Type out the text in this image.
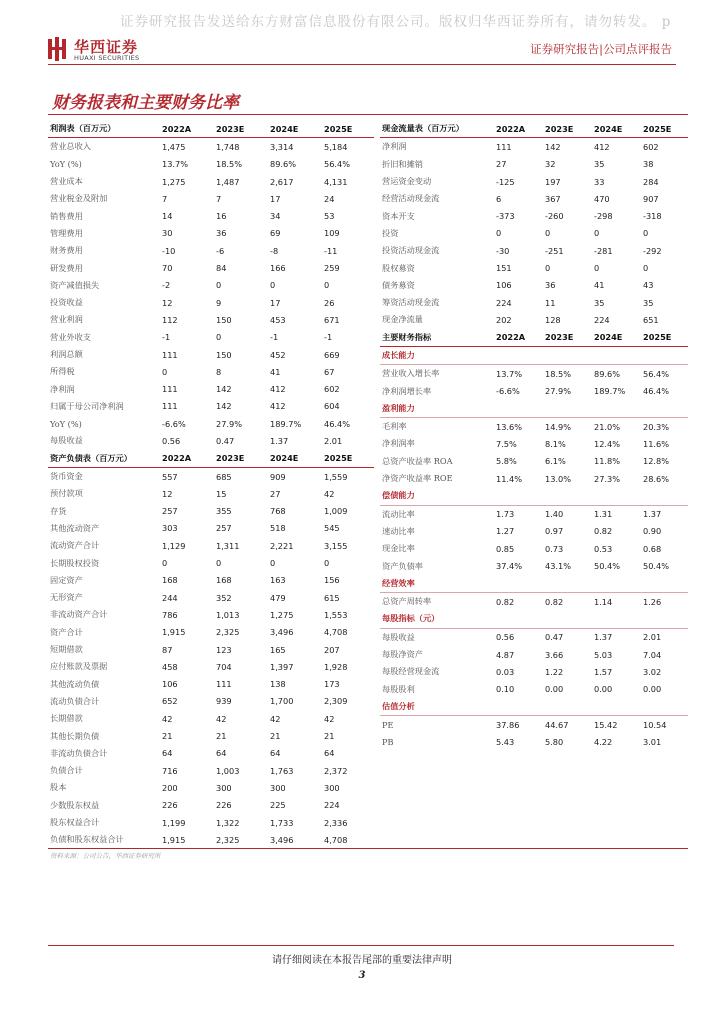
证券研究报告发送给东方财富信息股份有限公司。版权归华西证券所有，请勿转发。 p
华西证券
HUAXI SECURITIES
证券研究报告|公司点评报告
财务报表和主要财务比率
利润表（百万元）	2022A	2023E	2024E	2025E
营业总收入	1,475	1,748	3,314	5,184
YoY (%)	13.7%	18.5%	89.6%	56.4%
营业成本	1,275	1,487	2,617	4,131
营业税金及附加	7	7	17	24
销售费用	14	16	34	53
管理费用	30	36	69	109
财务费用	-10	-6	-8	-11
研发费用	70	84	166	259
资产减值损失	-2	0	0	0
投资收益	12	9	17	26
营业利润	112	150	453	671
营业外收支	-1	0	-1	-1
利润总额	111	150	452	669
所得税	0	8	41	67
净利润	111	142	412	602
归属于母公司净利润	111	142	412	604
YoY (%)	-6.6%	27.9%	189.7%	46.4%
每股收益	0.56	0.47	1.37	2.01
资产负债表（百万元）	2022A	2023E	2024E	2025E
货币资金	557	685	909	1,559
预付款项	12	15	27	42
存货	257	355	768	1,009
其他流动资产	303	257	518	545
流动资产合计	1,129	1,311	2,221	3,155
长期股权投资	0	0	0	0
固定资产	168	168	163	156
无形资产	244	352	479	615
非流动资产合计	786	1,013	1,275	1,553
资产合计	1,915	2,325	3,496	4,708
短期借款	87	123	165	207
应付账款及票据	458	704	1,397	1,928
其他流动负债	106	111	138	173
流动负债合计	652	939	1,700	2,309
长期借款	42	42	42	42
其他长期负债	21	21	21	21
非流动负债合计	64	64	64	64
负债合计	716	1,003	1,763	2,372
股本	200	300	300	300
少数股东权益	226	226	225	224
股东权益合计	1,199	1,322	1,733	2,336
负债和股东权益合计	1,915	2,325	3,496	4,708
现金流量表（百万元）	2022A	2023E	2024E	2025E
净利润	111	142	412	602
折旧和摊销	27	32	35	38
营运资金变动	-125	197	33	284
经营活动现金流	6	367	470	907
资本开支	-373	-260	-298	-318
投资	0	0	0	0
投资活动现金流	-30	-251	-281	-292
股权募资	151	0	0	0
债务募资	106	36	41	43
筹资活动现金流	224	11	35	35
现金净流量	202	128	224	651
主要财务指标	2022A	2023E	2024E	2025E
成长能力				
营业收入增长率	13.7%	18.5%	89.6%	56.4%
净利润增长率	-6.6%	27.9%	189.7%	46.4%
盈利能力				
毛利率	13.6%	14.9%	21.0%	20.3%
净利润率	7.5%	8.1%	12.4%	11.6%
总资产收益率 ROA	5.8%	6.1%	11.8%	12.8%
净资产收益率 ROE	11.4%	13.0%	27.3%	28.6%
偿债能力				
流动比率	1.73	1.40	1.31	1.37
速动比率	1.27	0.97	0.82	0.90
现金比率	0.85	0.73	0.53	0.68
资产负债率	37.4%	43.1%	50.4%	50.4%
经营效率				
总资产周转率	0.82	0.82	1.14	1.26
每股指标（元）				
每股收益	0.56	0.47	1.37	2.01
每股净资产	4.87	3.66	5.03	7.04
每股经营现金流	0.03	1.22	1.57	3.02
每股股利	0.10	0.00	0.00	0.00
估值分析				
PE	37.86	44.67	15.42	10.54
PB	5.43	5.80	4.22	3.01
资料来源：公司公告，华西证券研究所
请仔细阅读在本报告尾部的重要法律声明
3
